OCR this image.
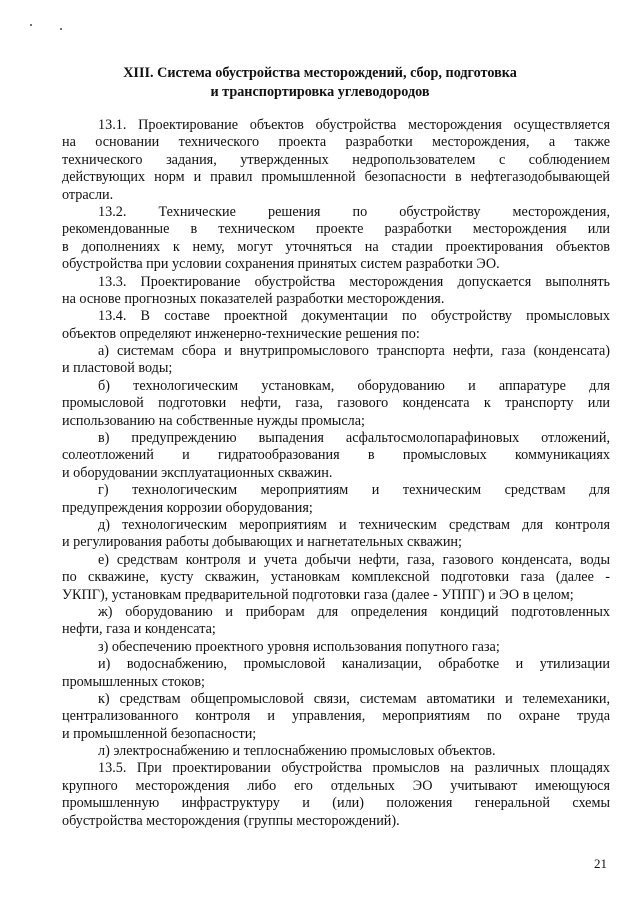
XIII. Система обустройства месторождений, сбор, подготовка
и транспортировка углеводородов
13.1. Проектирование объектов обустройства месторождения осуществляется
на основании технического проекта разработки месторождения, а также
технического задания, утвержденных недропользователем с соблюдением
действующих норм и правил промышленной безопасности в нефтегазодобывающей
отрасли.
13.2. Технические решения по обустройству месторождения,
рекомендованные в техническом проекте разработки месторождения или
в дополнениях к нему, могут уточняться на стадии проектирования объектов
обустройства при условии сохранения принятых систем разработки ЭО.
13.3. Проектирование обустройства месторождения допускается выполнять
на основе прогнозных показателей разработки месторождения.
13.4. В составе проектной документации по обустройству промысловых
объектов определяют инженерно-технические решения по:
а) системам сбора и внутрипромыслового транспорта нефти, газа (конденсата)
и пластовой воды;
б) технологическим установкам, оборудованию и аппаратуре для
промысловой подготовки нефти, газа, газового конденсата к транспорту или
использованию на собственные нужды промысла;
в) предупреждению выпадения асфальтосмолопарафиновых отложений,
солеотложений и гидратообразования в промысловых коммуникациях
и оборудовании эксплуатационных скважин.
г) технологическим мероприятиям и техническим средствам для
предупреждения коррозии оборудования;
д) технологическим мероприятиям и техническим средствам для контроля
и регулирования работы добывающих и нагнетательных скважин;
е) средствам контроля и учета добычи нефти, газа, газового конденсата, воды
по скважине, кусту скважин, установкам комплексной подготовки газа (далее -
УКПГ), установкам предварительной подготовки газа (далее - УППГ) и ЭО в целом;
ж) оборудованию и приборам для определения кондиций подготовленных
нефти, газа и конденсата;
з) обеспечению проектного уровня использования попутного газа;
и) водоснабжению, промысловой канализации, обработке и утилизации
промышленных стоков;
к) средствам общепромысловой связи, системам автоматики и телемеханики,
централизованного контроля и управления, мероприятиям по охране труда
и промышленной безопасности;
л) электроснабжению и теплоснабжению промысловых объектов.
13.5. При проектировании обустройства промыслов на различных площадях
крупного месторождения либо его отдельных ЭО учитывают имеющуюся
промышленную инфраструктуру и (или) положения генеральной схемы
обустройства месторождения (группы месторождений).
21
